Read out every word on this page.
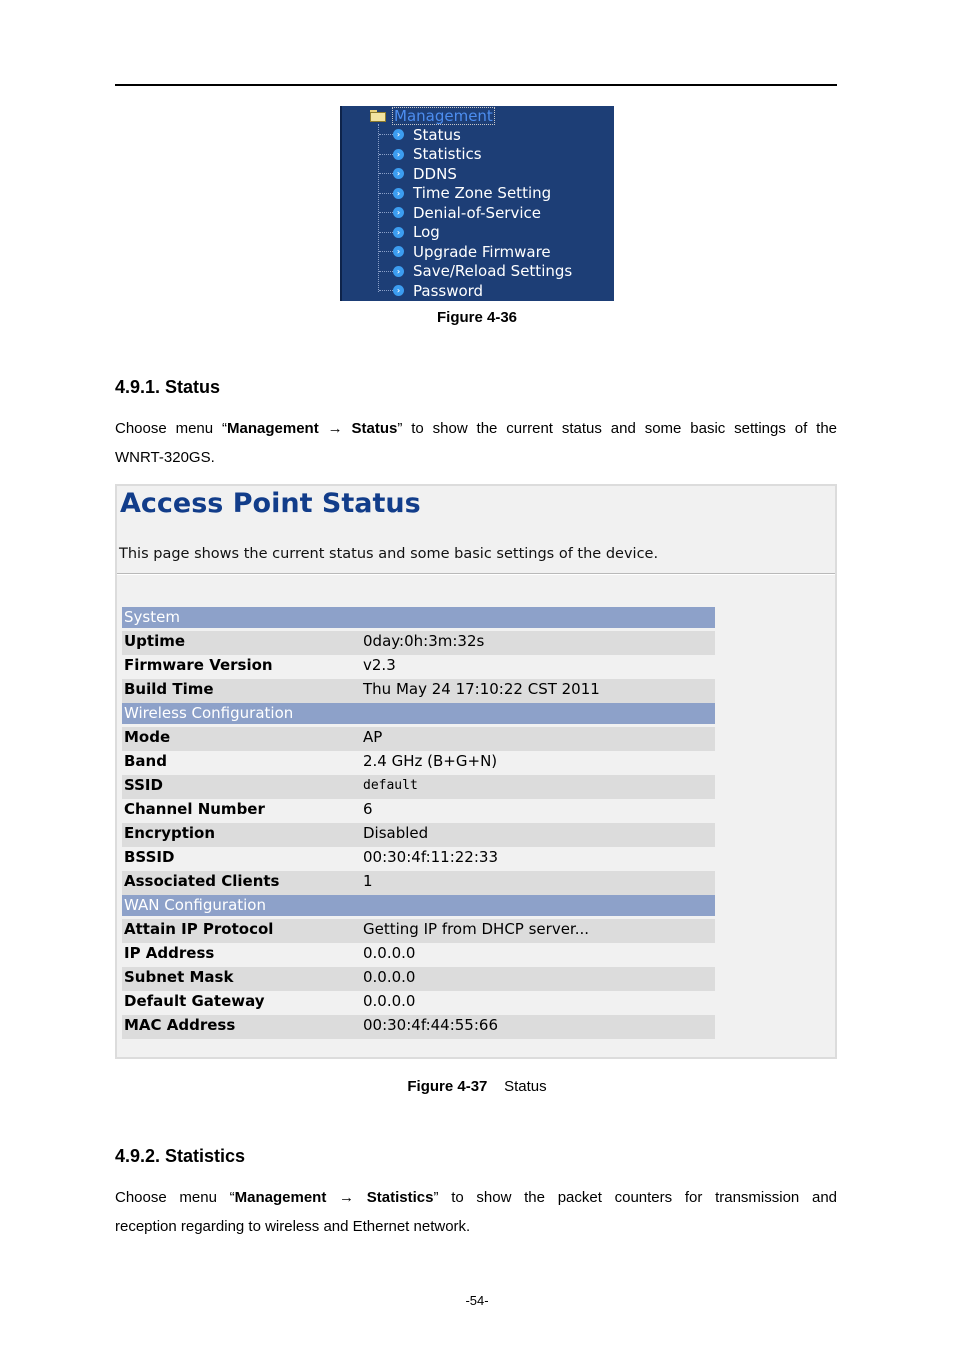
Management
› Status
› Statistics
› DDNS
› Time Zone Setting
› Denial-of-Service
› Log
› Upgrade Firmware
› Save/Reload Settings
› Password
Figure 4-36
4.9.1. Status
Choose menu “Management → Status” to show the current status and some basic settings of the
WNRT-320GS.
Access Point Status
This page shows the current status and some basic settings of the device.
System
Uptime	0day:0h:3m:32s
Firmware Version	v2.3
Build Time	Thu May 24 17:10:22 CST 2011
Wireless Configuration
Mode	AP
Band	2.4 GHz (B+G+N)
SSID	default
Channel Number	6
Encryption	Disabled
BSSID	00:30:4f:11:22:33
Associated Clients	1
WAN Configuration
Attain IP Protocol	Getting IP from DHCP server...
IP Address	0.0.0.0
Subnet Mask	0.0.0.0
Default Gateway	0.0.0.0
MAC Address	00:30:4f:44:55:66
Figure 4-37 Status
4.9.2. Statistics
Choose menu “Management → Statistics” to show the packet counters for transmission and
reception regarding to wireless and Ethernet network.
-54-
